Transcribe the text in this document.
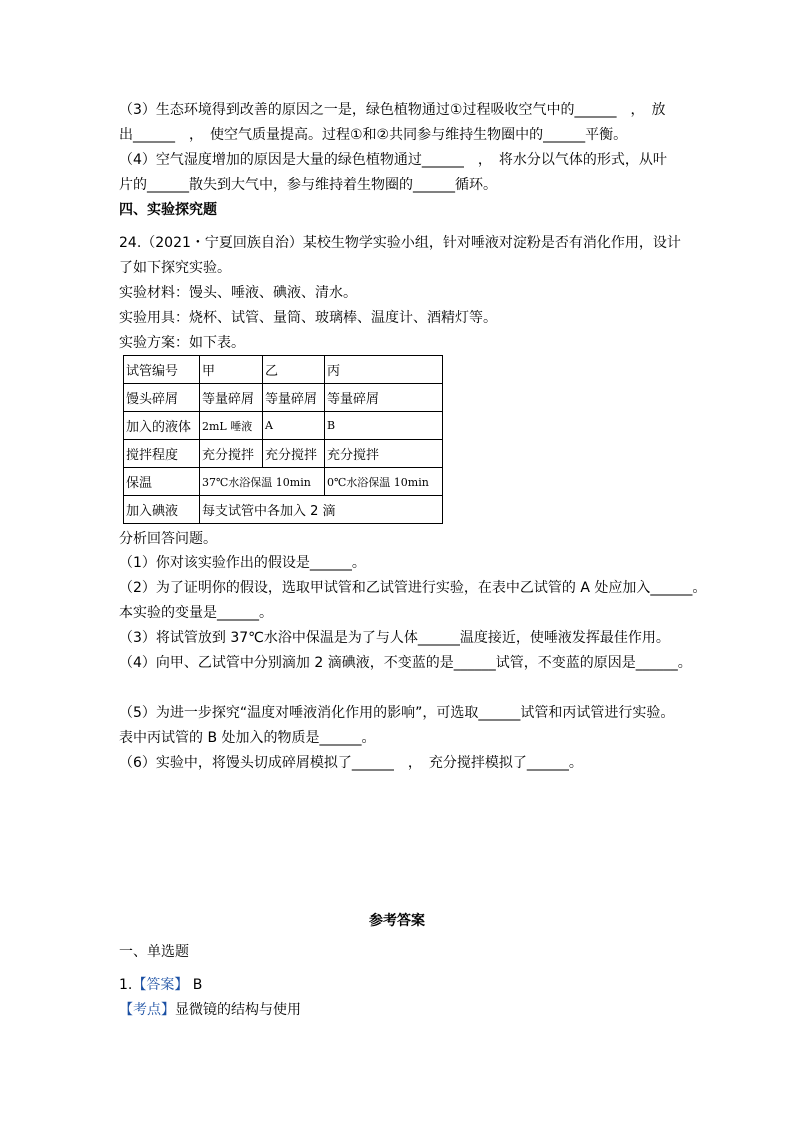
（3）生态环境得到改善的原因之一是，绿色植物通过①过程吸收空气中的______　，　放
出______　，　使空气质量提高。过程①和②共同参与维持生物圈中的______平衡。
（4）空气湿度增加的原因是大量的绿色植物通过______　，　将水分以气体的形式，从叶
片的______散失到大气中，参与维持着生物圈的______循环。
四、实验探究题
24.（2021・宁夏回族自治）某校生物学实验小组，针对唾液对淀粉是否有消化作用，设计
了如下探究实验。
实验材料：馒头、唾液、碘液、清水。
实验用具：烧杯、试管、量筒、玻璃棒、温度计、酒精灯等。
实验方案：如下表。
试管编号	甲	乙	丙
馒头碎屑	等量碎屑	等量碎屑	等量碎屑
加入的液体	2mL 唾液	A	B
搅拌程度	充分搅拌	充分搅拌	充分搅拌
保温	37℃水浴保温 10min		0℃水浴保温 10min
加入碘液	每支试管中各加入 2 滴		
分析回答问题。
（1）你对该实验作出的假设是______。
（2）为了证明你的假设，选取甲试管和乙试管进行实验，在表中乙试管的 A 处应加入______。
本实验的变量是______。
（3）将试管放到 37℃水浴中保温是为了与人体______温度接近，使唾液发挥最佳作用。
（4）向甲、乙试管中分别滴加 2 滴碘液，不变蓝的是______试管，不变蓝的原因是______。
（5）为进一步探究“温度对唾液消化作用的影响”，可选取______试管和丙试管进行实验。
表中丙试管的 B 处加入的物质是______。
（6）实验中，将馒头切成碎屑模拟了______　，　充分搅拌模拟了______。
参考答案
一、单选题
1.【答案】 B
【考点】显微镜的结构与使用
